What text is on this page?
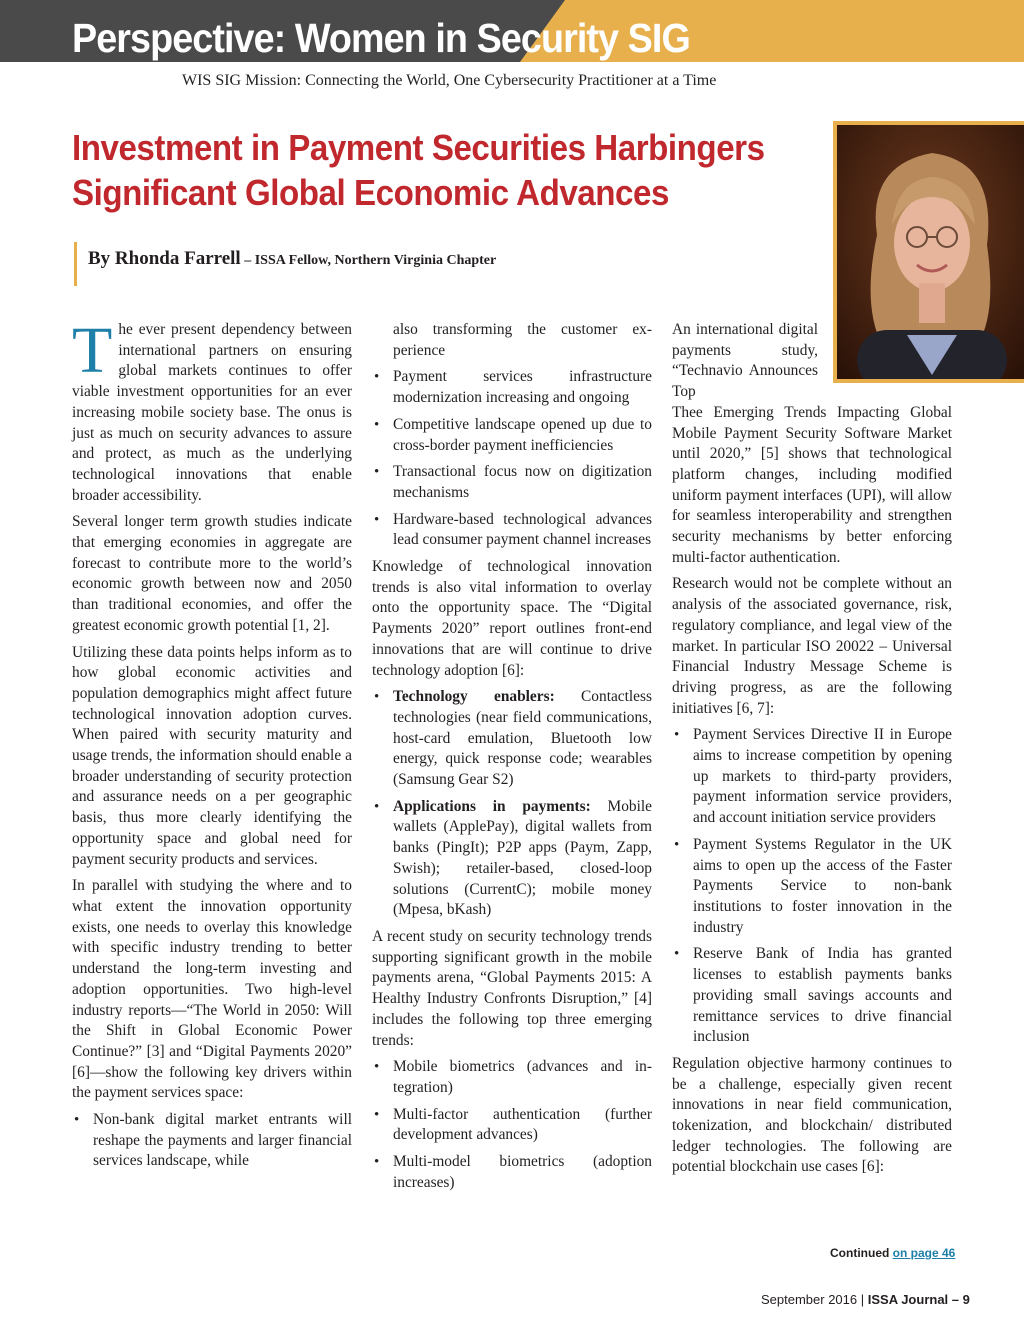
Perspective: Women in Security SIG
WIS SIG Mission: Connecting the World, One Cybersecurity Practitioner at a Time
Investment in Payment Securities Harbingers
Significant Global Economic Advances
By Rhonda Farrell – ISSA Fellow, Northern Virginia Chapter

The ever present dependency between international partners on ensuring global markets continues to offer viable investment opportunities for an ever increasing mobile society base. The onus is just as much on security advances to assure and protect, as much as the underlying technological innovations that enable broader accessibility.

Several longer term growth studies indicate that emerging economies in aggregate are forecast to contribute more to the world’s economic growth between now and 2050 than traditional economies, and offer the greatest economic growth potential [1, 2].

Utilizing these data points helps inform as to how global economic activities and population demographics might affect future technological innovation adoption curves. When paired with security maturity and usage trends, the information should enable a broader understanding of security protection and assurance needs on a per geographic basis, thus more clearly identifying the opportunity space and global need for payment security products and services.

In parallel with studying the where and to what extent the innovation opportunity exists, one needs to overlay this knowledge with specific industry trending to better understand the long-term investing and adoption opportunities. Two high-level industry reports—“The World in 2050: Will the Shift in Global Economic Power Continue?” [3] and “Digital Payments 2020” [6]—show the following key drivers within the payment services space:

• Non-bank digital market entrants will reshape the payments and larger financial services landscape, while

also transforming the customer experience

• Payment services infrastructure modernization increasing and ongoing
• Competitive landscape opened up due to cross-border payment inefficiencies
• Transactional focus now on digitization mechanisms
• Hardware-based technological advances lead consumer payment channel increases

Knowledge of technological innovation trends is also vital information to overlay onto the opportunity space. The “Digital Payments 2020” report outlines front-end innovations that are will continue to drive technology adoption [6]:

• Technology enablers: Contactless technologies (near field communications, host-card emulation, Bluetooth low energy, quick response code; wearables (Samsung Gear S2)
• Applications in payments: Mobile wallets (ApplePay), digital wallets from banks (PingIt); P2P apps (Paym, Zapp, Swish); retailer-based, closed-loop solutions (CurrentC); mobile money (Mpesa, bKash)

A recent study on security technology trends supporting significant growth in the mobile payments arena, “Global Payments 2015: A Healthy Industry Confronts Disruption,” [4] includes the following top three emerging trends:

• Mobile biometrics (advances and integration)
• Multi-factor authentication (further development advances)
• Multi-model biometrics (adoption increases)

An international digital payments study, “Technavio Announces Top

Thee Emerging Trends Impacting Global Mobile Payment Security Software Market until 2020,” [5] shows that technological platform changes, including modified uniform payment interfaces (UPI), will allow for seamless interoperability and strengthen security mechanisms by better enforcing multi-factor authentication.

Research would not be complete without an analysis of the associated governance, risk, regulatory compliance, and legal view of the market. In particular ISO 20022 – Universal Financial Industry Message Scheme is driving progress, as are the following initiatives [6, 7]:

• Payment Services Directive II in Europe aims to increase competition by opening up markets to third-party providers, payment information service providers, and account initiation service providers
• Payment Systems Regulator in the UK aims to open up the access of the Faster Payments Service to non-bank institutions to foster innovation in the industry
• Reserve Bank of India has granted licenses to establish payments banks providing small savings accounts and remittance services to drive financial inclusion

Regulation objective harmony continues to be a challenge, especially given recent innovations in near field communication, tokenization, and blockchain/ distributed ledger technologies. The following are potential blockchain use cases [6]:

Continued on page 46
September 2016 | ISSA Journal – 9
